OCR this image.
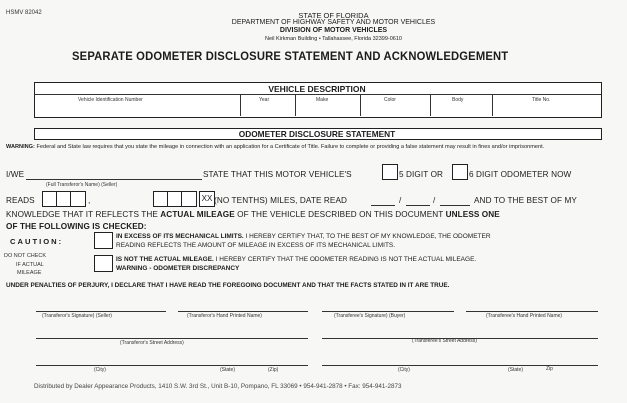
HSMV 82042	STATE OF FLORIDA
DEPARTMENT OF HIGHWAY SAFETY AND MOTOR VEHICLES
DIVISION OF MOTOR VEHICLES
Neil Kirkman Building • Tallahassee, Florida 32399-0610
SEPARATE ODOMETER DISCLOSURE STATEMENT AND ACKNOWLEDGEMENT
VEHICLE DESCRIPTION
Vehicle Identification Number	Year	Make	Color	Body	Title No.
ODOMETER DISCLOSURE STATEMENT
WARNING: Federal and State law requires that you state the mileage in connection with an application for a Certificate of Title. Failure to complete or providing a false statement may result in fines and/or imprisonment.
I/WE	STATE THAT THIS MOTOR VEHICLE'S	5 DIGIT OR	6 DIGIT ODOMETER NOW
(Full Transferor's Name) (Seller)
READS	,	XX (NO TENTHS) MILES, DATE READ	/	/	AND TO THE BEST OF MY
KNOWLEDGE THAT IT REFLECTS THE ACTUAL MILEAGE OF THE VEHICLE DESCRIBED ON THIS DOCUMENT UNLESS ONE
OF THE FOLLOWING IS CHECKED:
CAUTION:
DO NOT CHECK
IF ACTUAL
MILEAGE
IN EXCESS OF ITS MECHANICAL LIMITS. I HEREBY CERTIFY THAT, TO THE BEST OF MY KNOWLEDGE, THE ODOMETER
READING REFLECTS THE AMOUNT OF MILEAGE IN EXCESS OF ITS MECHANICAL LIMITS.
IS NOT THE ACTUAL MILEAGE. I HEREBY CERTIFY THAT THE ODOMETER READING IS NOT THE ACTUAL MILEAGE.
WARNING - ODOMETER DISCREPANCY
UNDER PENALTIES OF PERJURY, I DECLARE THAT I HAVE READ THE FOREGOING DOCUMENT AND THAT THE FACTS STATED IN IT ARE TRUE.
(Transferor's Signature) (Seller)	(Transferor's Hand Printed Name)	(Transferee's Signature) (Buyer)	(Transferee's Hand Printed Name)
(Transferor's Street Address)	(Transferee's Street Address)
(City)	(State)	(Zip)	(City)	(State)	Zip
Distributed by Dealer Appearance Products, 1410 S.W. 3rd St., Unit B-10, Pompano, FL 33069 • 954-941-2878 • Fax: 954-941-2873
